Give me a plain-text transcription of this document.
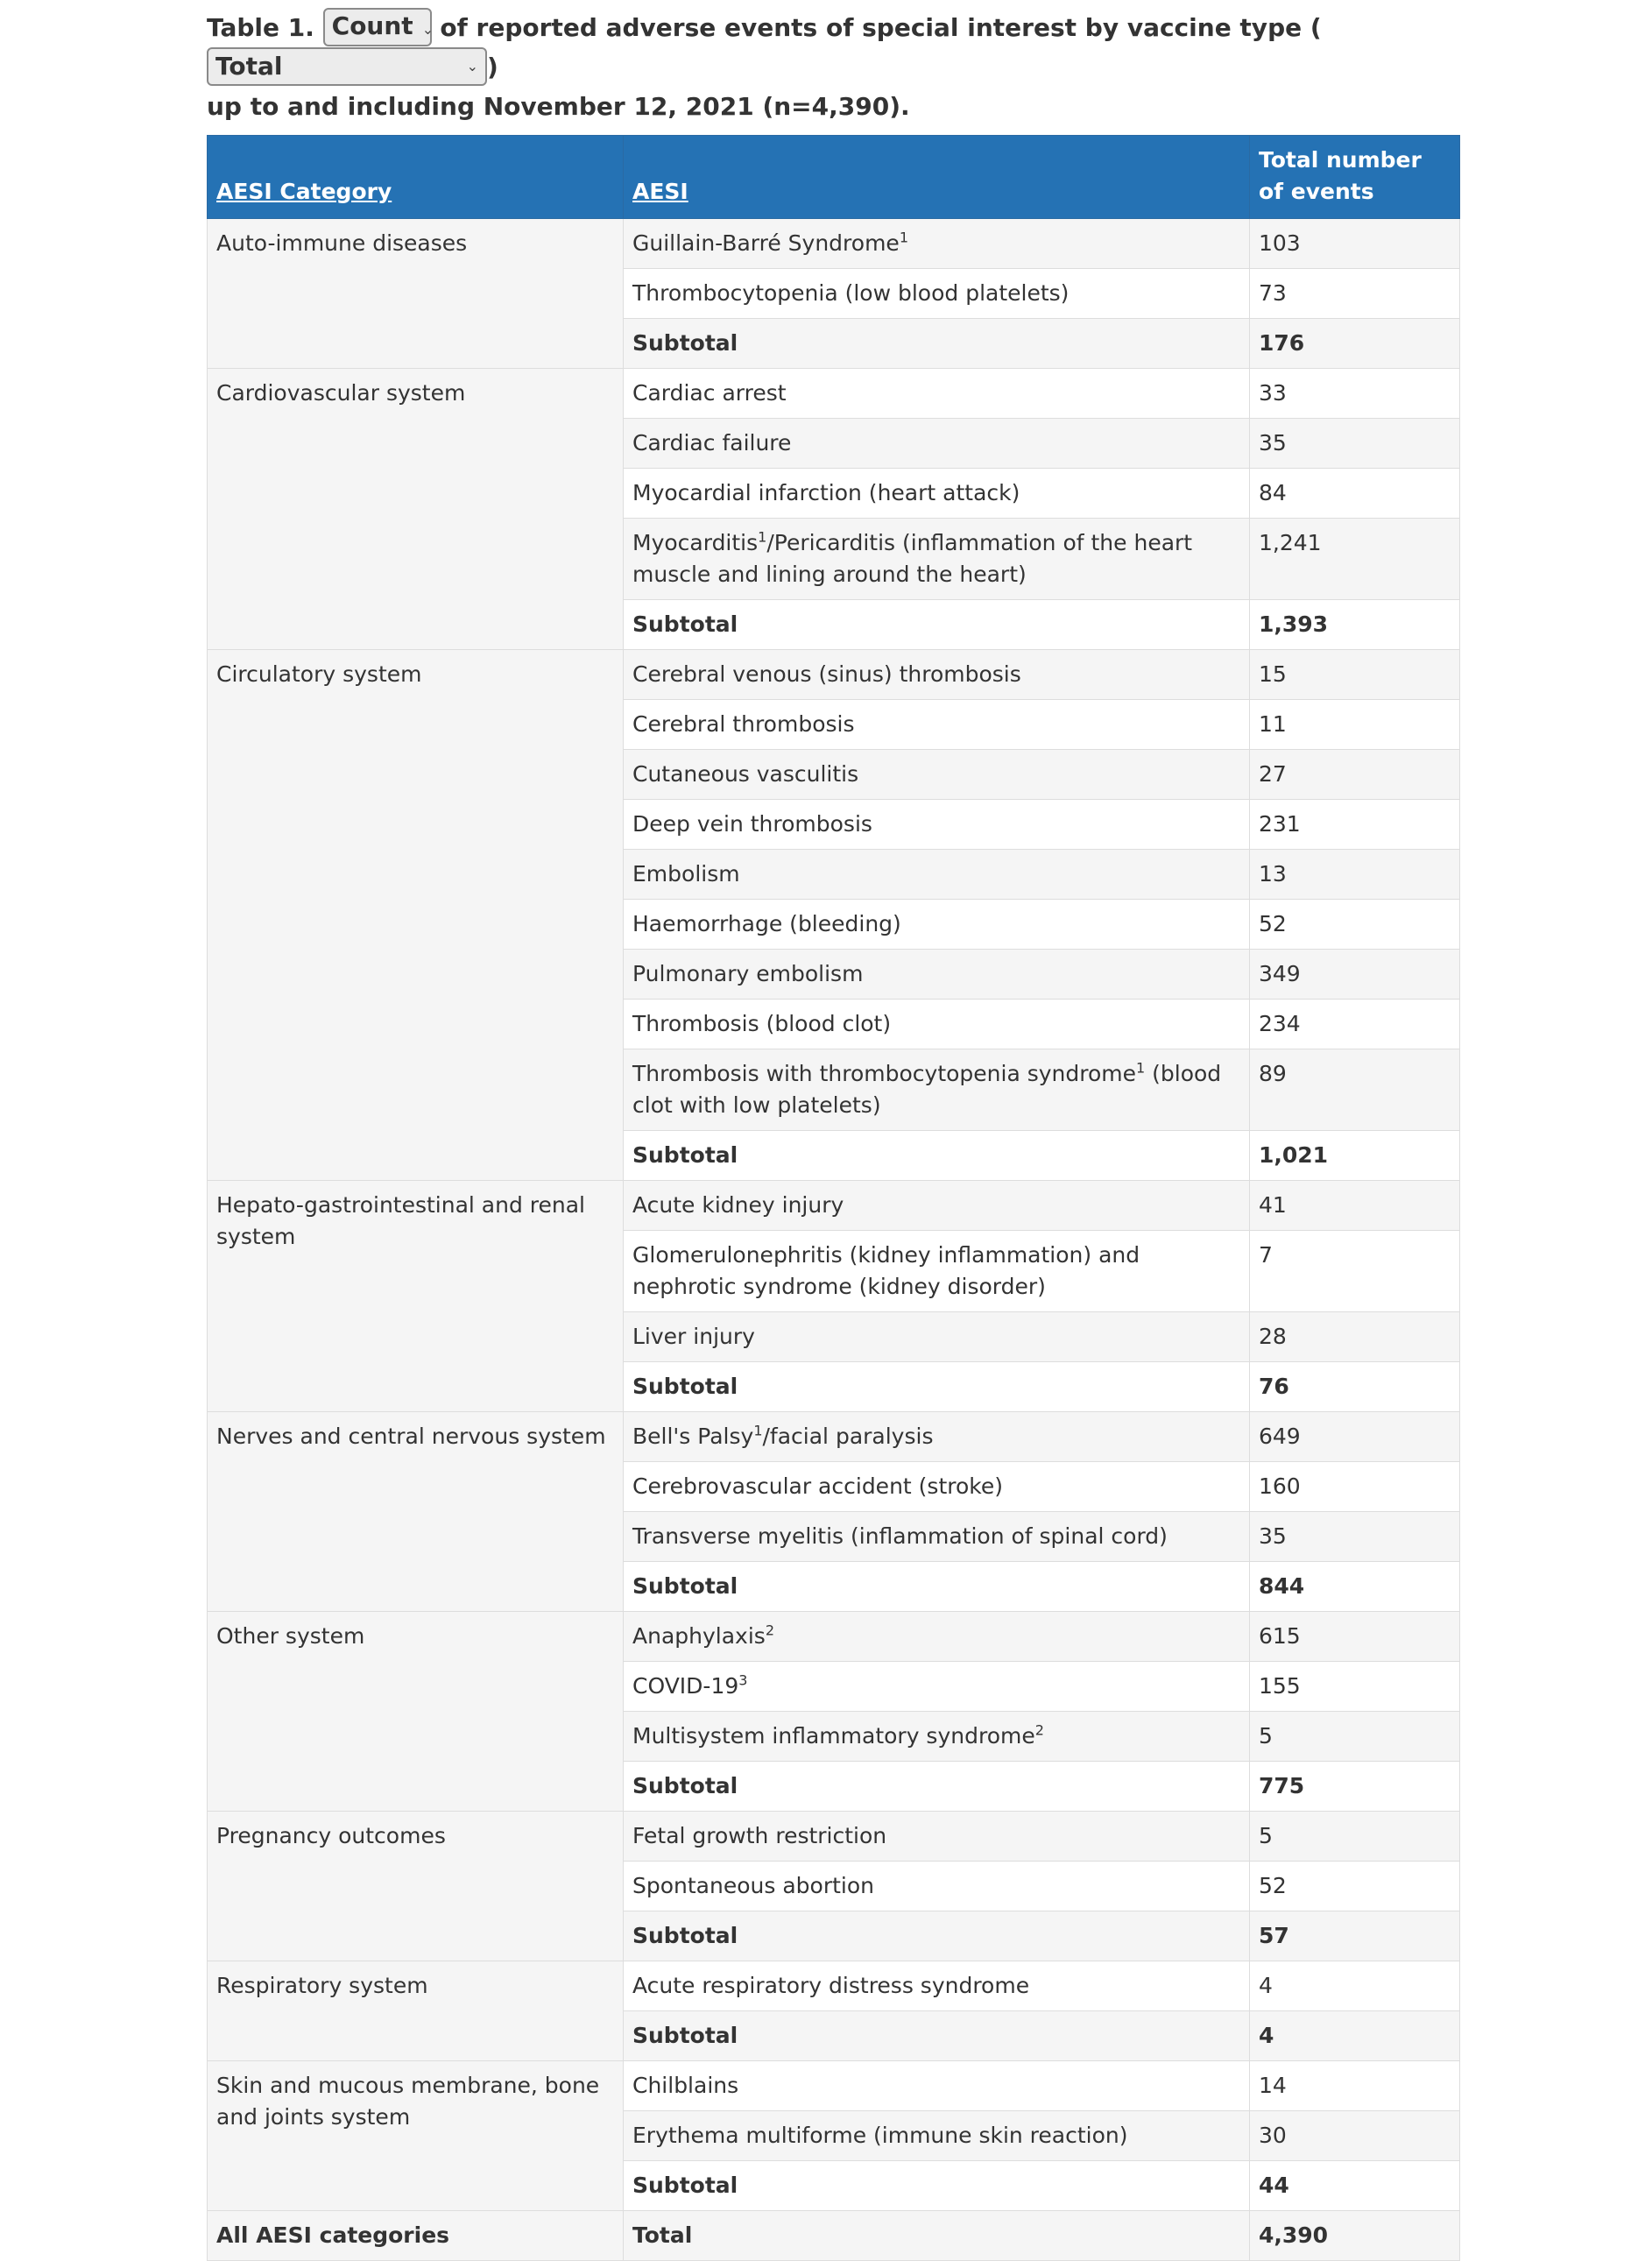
Table 1. Count ⌄ of reported adverse events of special interest by vaccine type (
Total	⌄ )
up to and including November 12, 2021 (n=4,390).
AESI Category	AESI	Total number of events
Auto-immune diseases	Guillain-Barré Syndrome$^1$	103
	Thrombocytopenia (low blood platelets)	73
	Subtotal	176
Cardiovascular system	Cardiac arrest	33
	Cardiac failure	35
	Myocardial infarction (heart attack)	84
	Myocarditis$^1$/Pericarditis (inflammation of the heart muscle and lining around the heart)	1,241
	Subtotal	1,393
Circulatory system	Cerebral venous (sinus) thrombosis	15
	Cerebral thrombosis	11
	Cutaneous vasculitis	27
	Deep vein thrombosis	231
	Embolism	13
	Haemorrhage (bleeding)	52
	Pulmonary embolism	349
	Thrombosis (blood clot)	234
	Thrombosis with thrombocytopenia syndrome$^1$ (blood clot with low platelets)	89
	Subtotal	1,021
Hepato-gastrointestinal and renal system	Acute kidney injury	41
	Glomerulonephritis (kidney inflammation) and nephrotic syndrome (kidney disorder)	7
	Liver injury	28
	Subtotal	76
Nerves and central nervous system	Bell's Palsy$^1$/facial paralysis	649
	Cerebrovascular accident (stroke)	160
	Transverse myelitis (inflammation of spinal cord)	35
	Subtotal	844
Other system	Anaphylaxis$^2$	615
	COVID-$19^3$	155
	Multisystem inflammatory syndrome$^2$	5
	Subtotal	775
Pregnancy outcomes	Fetal growth restriction	5
	Spontaneous abortion	52
	Subtotal	57
Respiratory system	Acute respiratory distress syndrome	4
	Subtotal	4
Skin and mucous membrane, bone and joints system	Chilblains	14
	Erythema multiforme (immune skin reaction)	30
	Subtotal	44
All AESI categories	Total	4,390
